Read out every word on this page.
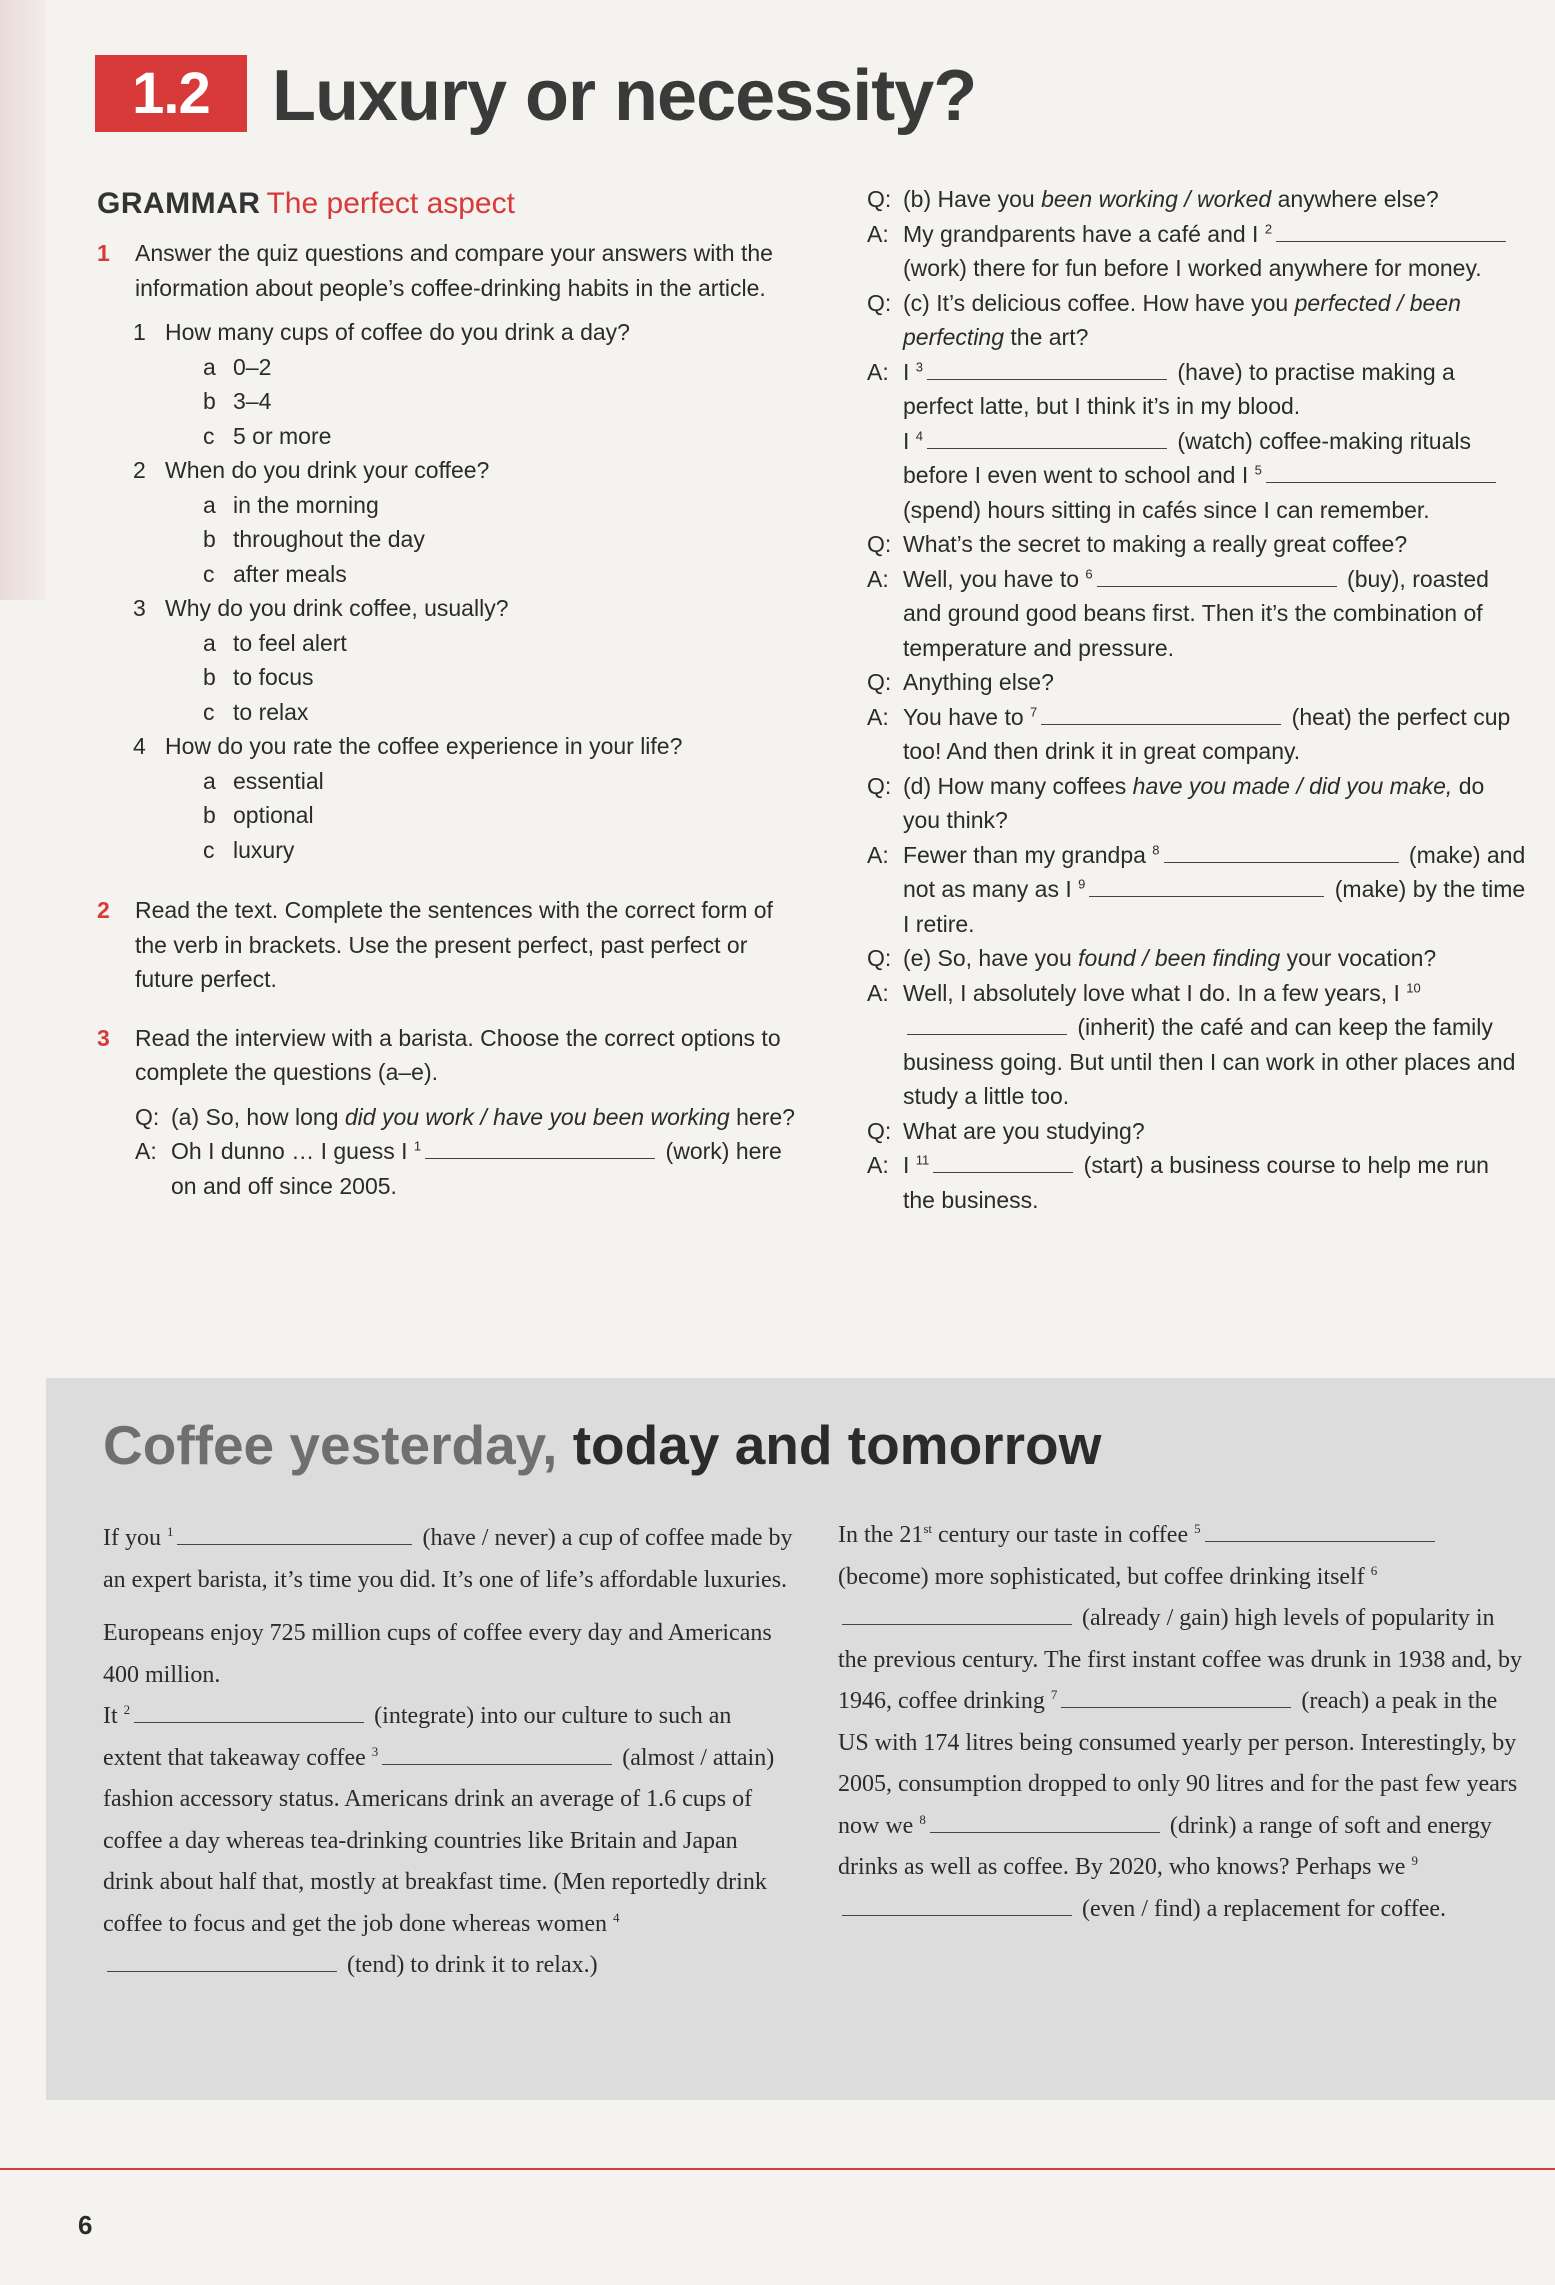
1.2 Luxury or necessity?
GRAMMAR The perfect aspect
1	Answer the quiz questions and compare your answers with the information about people’s coffee-drinking habits in the article.
1 How many cups of coffee do you drink a day?
a 0–2
b 3–4
c 5 or more
2 When do you drink your coffee?
a in the morning
b throughout the day
c after meals
3 Why do you drink coffee, usually?
a to feel alert
b to focus
c to relax
4 How do you rate the coffee experience in your life?
a essential
b optional
c luxury
2	Read the text. Complete the sentences with the correct form of the verb in brackets. Use the present perfect, past perfect or future perfect.
3	Read the interview with a barista. Choose the correct options to complete the questions (a–e).
Q: (a) So, how long did you work / have you been working here?
A: Oh I dunno … I guess I $^1$	(work) here on and off since 2005.
Q: (b) Have you been working / worked anywhere else?
A: My grandparents have a café and I $^2$ (work) there for fun before I worked anywhere for money.
Q: (c) It’s delicious coffee. How have you perfected / been perfecting the art?
A: I $^3$	(have) to practise making a perfect latte, but I think it’s in my blood.
I $^4$	(watch) coffee-making rituals before I even went to school and I $^5$ (spend) hours sitting in cafés since I can remember.
Q: What’s the secret to making a really great coffee?
A: Well, you have to $^6$	(buy), roasted and ground good beans first. Then it’s the combination of temperature and pressure.
Q: Anything else?
A: You have to $^7$	(heat) the perfect cup too! And then drink it in great company.
Q: (d) How many coffees have you made / did you make, do you think?
A: Fewer than my grandpa $^8$	(make) and not as many as I $^9$	(make) by the time I retire.
Q: (e) So, have you found / been finding your vocation?
A: Well, I absolutely love what I do. In a few years, I $^{10}$ (inherit) the café and can keep the family business going. But until then I can work in other places and study a little too.
Q: What are you studying?
A: I $^{11}$	(start) a business course to help me run the business.
Coffee yesterday, today and tomorrow

If you $^1$	(have / never) a cup of coffee made by an expert barista, it’s time you did. It’s one of life’s affordable luxuries.

Europeans enjoy 725 million cups of coffee every day and Americans 400 million.
It $^2$	(integrate) into our culture to such an extent that takeaway coffee $^3$	(almost / attain) fashion accessory status. Americans drink an average of 1.6 cups of coffee a day whereas tea-drinking countries like Britain and Japan drink about half that, mostly at breakfast time. (Men reportedly drink coffee to focus and get the job done whereas women $^4$ (tend) to drink it to relax.)

In the 21st century our taste in coffee $^5$ (become) more sophisticated, but coffee drinking itself $^6$ (already / gain) high levels of popularity in the previous century. The first instant coffee was drunk in 1938 and, by 1946, coffee drinking $^7$	(reach) a peak in the US with 174 litres being consumed yearly per person. Interestingly, by 2005, consumption dropped to only 90 litres and for the past few years now we $^8$	(drink) a range of soft and energy drinks as well as coffee. By 2020, who knows? Perhaps we $^9$ (even / find) a replacement for coffee.

6
